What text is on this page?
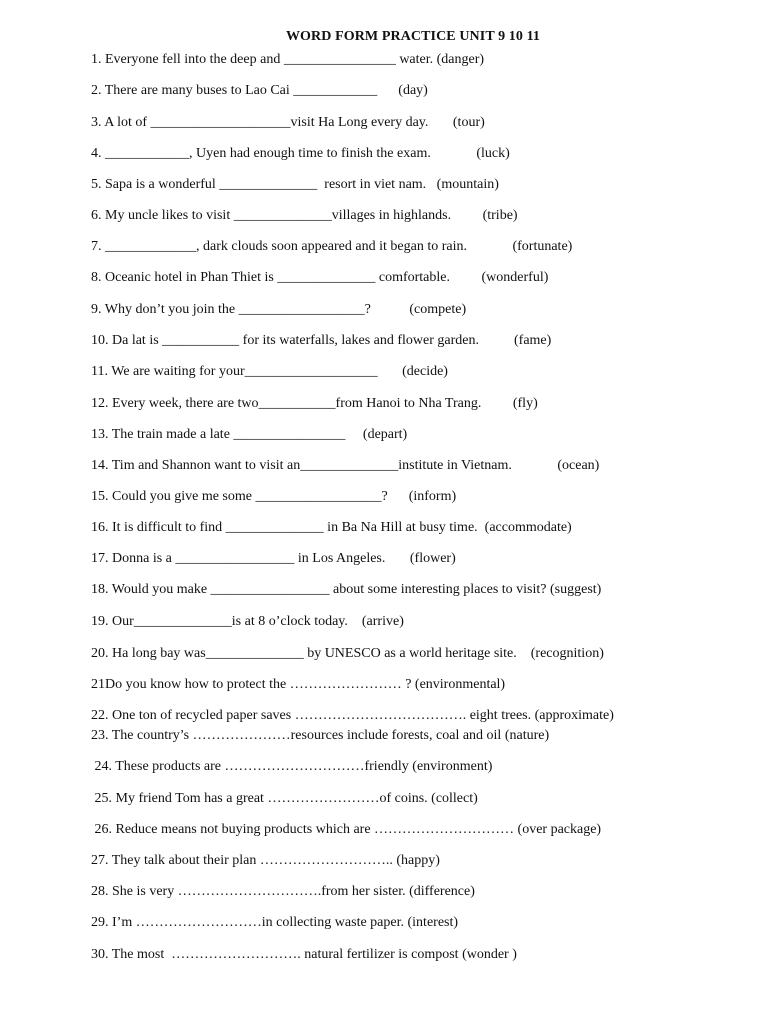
WORD FORM PRACTICE UNIT 9 10 11
1. Everyone fell into the deep and ________________ water. (danger)
2. There are many buses to Lao Cai ____________      (day)
3. A lot of ____________________visit Ha Long every day.       (tour)
4. ____________, Uyen had enough time to finish the exam.             (luck)
5. Sapa is a wonderful ______________  resort in viet nam.   (mountain)
6. My uncle likes to visit ______________villages in highlands.         (tribe)
7. _____________, dark clouds soon appeared and it began to rain.             (fortunate)
8. Oceanic hotel in Phan Thiet is ______________ comfortable.         (wonderful)
9. Why don’t you join the __________________?           (compete)
10. Da lat is ___________ for its waterfalls, lakes and flower garden.          (fame)
11. We are waiting for your___________________       (decide)
12. Every week, there are two___________from Hanoi to Nha Trang.         (fly)
13. The train made a late ________________     (depart)
14. Tim and Shannon want to visit an______________institute in Vietnam.             (ocean)
15. Could you give me some __________________?      (inform)
16. It is difficult to find ______________ in Ba Na Hill at busy time.  (accommodate)
17. Donna is a _________________ in Los Angeles.       (flower)
18. Would you make _________________ about some interesting places to visit? (suggest)
19. Our______________is at 8 o’clock today.    (arrive)
20. Ha long bay was______________ by UNESCO as a world heritage site.    (recognition)
21Do you know how to protect the …………………… ? (environmental)
22. One ton of recycled paper saves ………………………………. eight trees. (approximate)
23. The country’s …………………resources include forests, coal and oil (nature)
24. These products are …………………………friendly (environment)
25. My friend Tom has a great ……………………of coins. (collect)
26. Reduce means not buying products which are ………………………… (over package)
27. They talk about their plan ……………………….. (happy)
28. She is very ………………………….from her sister. (difference)
29. I’m ………………………in collecting waste paper. (interest)
30. The most  ………………………. natural fertilizer is compost (wonder )
